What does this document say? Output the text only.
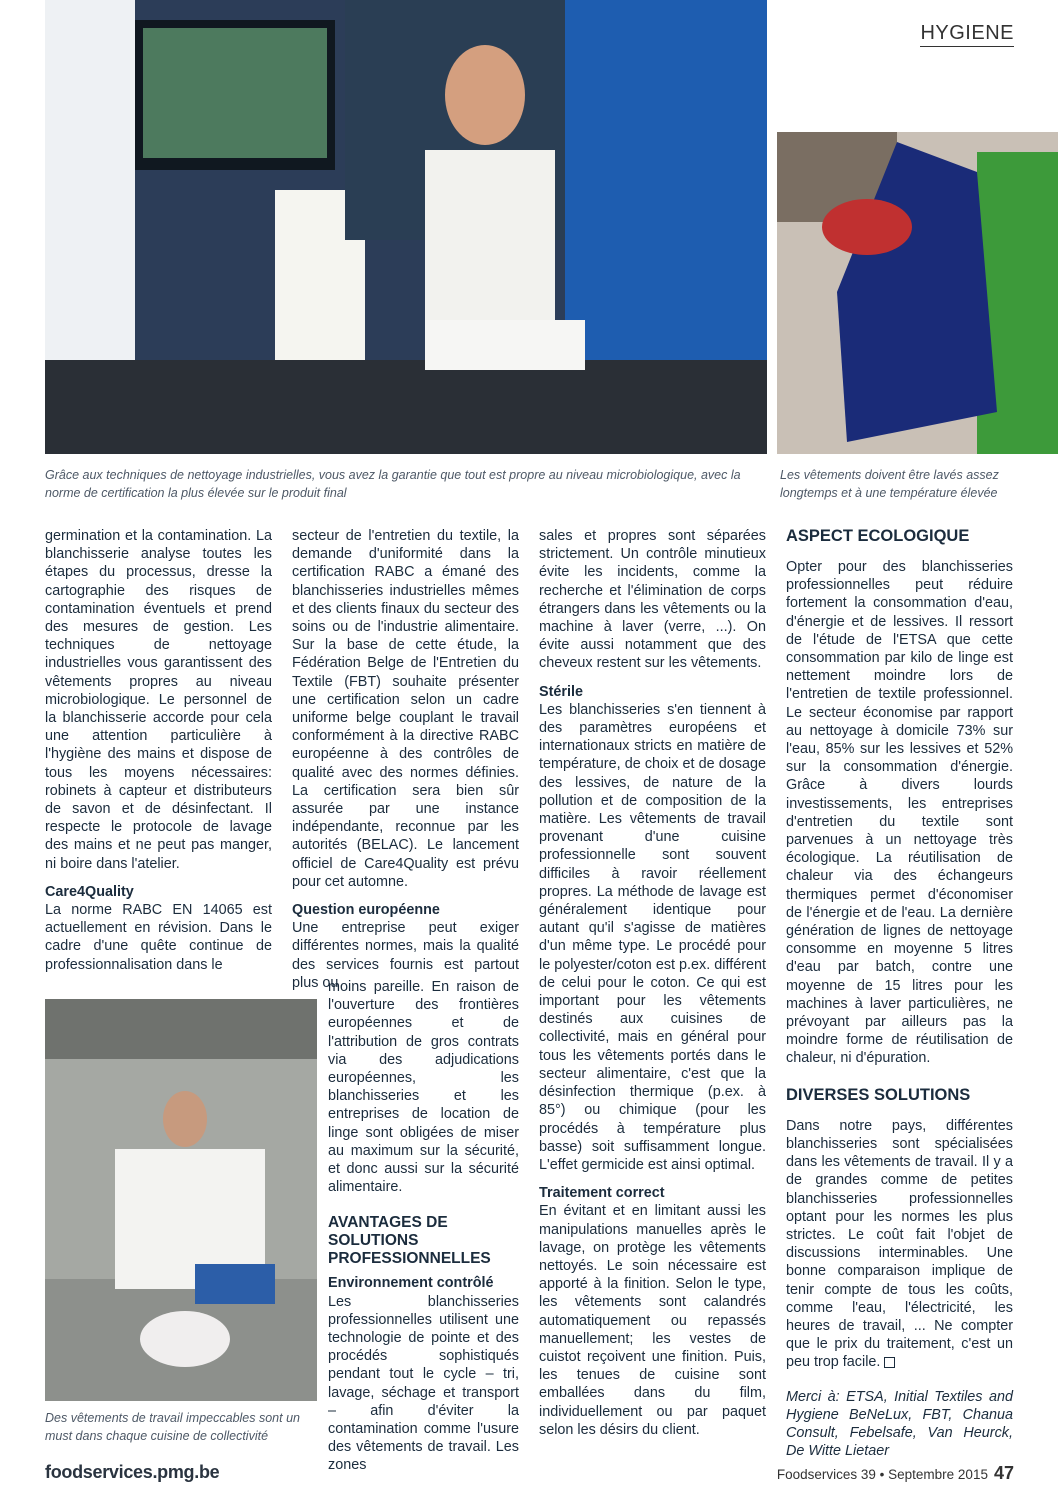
HYGIENE
Grâce aux techniques de nettoyage industrielles, vous avez la garantie que tout est propre au niveau microbiologique, avec la norme de certification la plus élevée sur le produit final
Les vêtements doivent être lavés assez longtemps et à une température élevée
Des vêtements de travail impeccables sont un must dans chaque cuisine de collectivité

germination et la contamination. La blanchisserie analyse toutes les étapes du processus, dresse la cartographie des risques de contamination éventuels et prend des mesures de gestion. Les techniques de nettoyage industrielles vous garantissent des vêtements propres au niveau microbiologique. Le personnel de la blanchisserie accorde pour cela une attention particulière à l'hygiène des mains et dispose de tous les moyens nécessaires: robinets à capteur et distributeurs de savon et de désinfectant. Il respecte le protocole de lavage des mains et ne peut pas manger, ni boire dans l'atelier.

Care4Quality

La norme RABC EN 14065 est actuellement en révision. Dans le cadre d'une quête continue de professionnalisation dans le

secteur de l'entretien du textile, la demande d'uniformité dans la certification RABC a émané des blanchisseries industrielles mêmes et des clients finaux du secteur des soins ou de l'industrie alimentaire. Sur la base de cette étude, la Fédération Belge de l'Entretien du Textile (FBT) souhaite présenter une certification selon un cadre uniforme belge couplant le travail conformément à la directive RABC européenne à des contrôles de qualité avec des normes définies. La certification sera bien sûr assurée par une instance indépendante, reconnue par les autorités (BELAC). Le lancement officiel de Care4Quality est prévu pour cet automne.

Question européenne

Une entreprise peut exiger différentes normes, mais la qualité des services fournis est partout plus ou

moins pareille. En raison de l'ouverture des frontières européennes et de l'attribution de gros contrats via des adjudications européennes, les blanchisseries et les entreprises de location de linge sont obligées de miser au maximum sur la sécurité, et donc aussi sur la sécurité alimentaire.

AVANTAGES DE SOLUTIONS PROFESSIONNELLES
Environnement contrôlé

Les blanchisseries professionnelles utilisent une technologie de pointe et des procédés sophistiqués pendant tout le cycle – tri, lavage, séchage et transport – afin d'éviter la contamination comme l'usure des vêtements de travail. Les zones

sales et propres sont séparées strictement. Un contrôle minutieux évite les incidents, comme la recherche et l'élimination de corps étrangers dans les vêtements ou la machine à laver (verre, ...). On évite aussi notamment que des cheveux restent sur les vêtements.

Stérile

Les blanchisseries s'en tiennent à des paramètres européens et internationaux stricts en matière de température, de choix et de dosage des lessives, de nature de la pollution et de composition de la matière. Les vêtements de travail provenant d'une cuisine professionnelle sont souvent difficiles à ravoir réellement propres. La méthode de lavage est généralement identique pour autant qu'il s'agisse de matières d'un même type. Le procédé pour le polyester/coton est p.ex. différent de celui pour le coton. Ce qui est important pour les vêtements destinés aux cuisines de collectivité, mais en général pour tous les vêtements portés dans le secteur alimentaire, c'est que la désinfection thermique (p.ex. à 85°) ou chimique (pour les procédés à température plus basse) soit suffisamment longue. L'effet germicide est ainsi optimal.

Traitement correct

En évitant et en limitant aussi les manipulations manuelles après le lavage, on protège les vêtements nettoyés. Le soin nécessaire est apporté à la finition. Selon le type, les vêtements sont calandrés automatiquement ou repassés manuellement; les vestes de cuistot reçoivent une finition. Puis, les tenues de cuisine sont emballées dans du film, individuellement ou par paquet selon les désirs du client.

ASPECT ECOLOGIQUE

Opter pour des blanchisseries professionnelles peut réduire fortement la consommation d'eau, d'énergie et de lessives. Il ressort de l'étude de l'ETSA que cette consommation par kilo de linge est nettement moindre lors de l'entretien de textile professionnel. Le secteur économise par rapport au nettoyage à domicile 73% sur l'eau, 85% sur les lessives et 52% sur la consommation d'énergie. Grâce à divers lourds investissements, les entreprises d'entretien du textile sont parvenues à un nettoyage très écologique. La réutilisation de chaleur via des échangeurs thermiques permet d'économiser de l'énergie et de l'eau. La dernière génération de lignes de nettoyage consomme en moyenne 5 litres d'eau par batch, contre une moyenne de 15 litres pour les machines à laver particulières, ne prévoyant par ailleurs pas la moindre forme de réutilisation de chaleur, ni d'épuration.

DIVERSES SOLUTIONS

Dans notre pays, différentes blanchisseries sont spécialisées dans les vêtements de travail. Il y a de grandes comme de petites blanchisseries professionnelles optant pour les normes les plus strictes. Le coût fait l'objet de discussions interminables. Une bonne comparaison implique de tenir compte de tous les coûts, comme l'eau, l'électricité, les heures de travail, ... Ne compter que le prix du traitement, c'est un peu trop facile.

Merci à: ETSA, Initial Textiles and Hygiene BeNeLux, FBT, Chanua Consult, Febelsafe, Van Heurck, De Witte Lietaer

foodservices.pmg.be	Foodservices 39 • Septembre 2015 47
